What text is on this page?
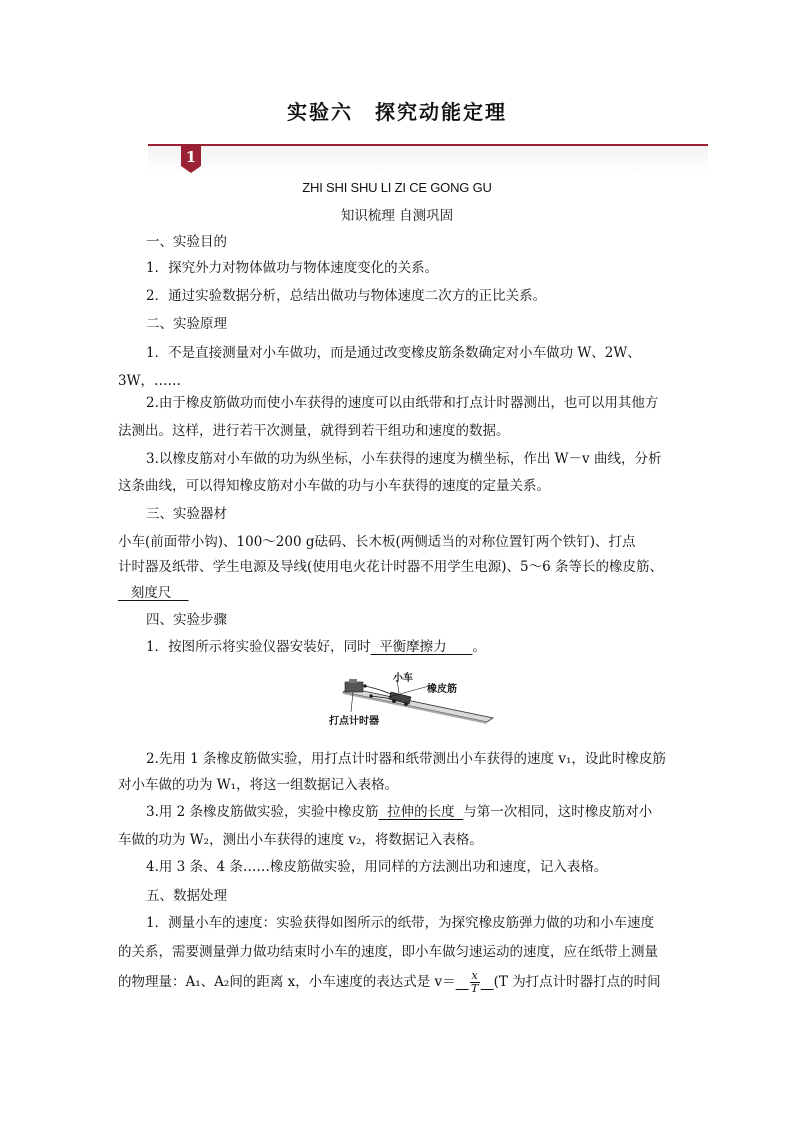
实验六 探究动能定理
1
ZHI SHI SHU LI ZI CE GONG GU
知识梳理 自测巩固
一、实验目的
1．探究外力对物体做功与物体速度变化的关系。
2．通过实验数据分析，总结出做功与物体速度二次方的正比关系。
二、实验原理
1．不是直接测量对小车做功，而是通过改变橡皮筋条数确定对小车做功 W、2W、
3W，……
2.由于橡皮筋做功而使小车获得的速度可以由纸带和打点计时器测出，也可以用其他方
法测出。这样，进行若干次测量，就得到若干组功和速度的数据。
3.以橡皮筋对小车做的功为纵坐标，小车获得的速度为横坐标，作出 W－v 曲线，分析
这条曲线，可以得知橡皮筋对小车做的功与小车获得的速度的定量关系。
三、实验器材
小车(前面带小钩)、100～200 g砝码、长木板(两侧适当的对称位置钉两个铁钉)、打点
计时器及纸带、学生电源及导线(使用电火花计时器不用学生电源)、5～6 条等长的橡皮筋、
刻度尺
四、实验步骤
1．按图所示将实验仪器安装好，同时 平衡摩擦力 。
小车
橡皮筋
打点计时器
2.先用 1 条橡皮筋做实验，用打点计时器和纸带测出小车获得的速度 v₁，设此时橡皮筋
对小车做的功为 W₁，将这一组数据记入表格。
3.用 2 条橡皮筋做实验，实验中橡皮筋 拉伸的长度 与第一次相同，这时橡皮筋对小
车做的功为 W₂，测出小车获得的速度 v₂，将数据记入表格。
4.用 3 条、4 条……橡皮筋做实验，用同样的方法测出功和速度，记入表格。
五、数据处理
1．测量小车的速度：实验获得如图所示的纸带，为探究橡皮筋弹力做的功和小车速度
的关系，需要测量弹力做功结束时小车的速度，即小车做匀速运动的速度，应在纸带上测量
的物理量：A₁、A₂间的距离 x，小车速度的表达式是 $v= \frac{x}{T} (T$ 为打点计时器打点的时间
